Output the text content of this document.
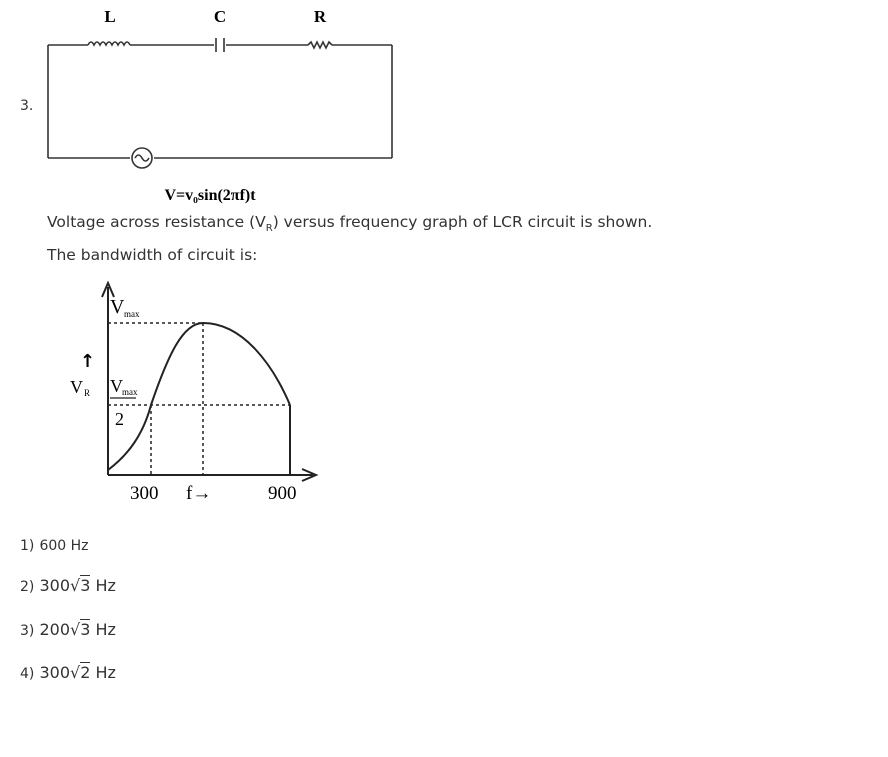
3.
L	C	R
V=v₀sin(2πf)t
Voltage across resistance $(V_R)$ versus frequency graph of LCR circuit is shown.
The bandwidth of circuit is:
V max
V max
2
↑
V R
300 f→	900
1) 600 Hz
2) 300√3 Hz
3) 200√3 Hz
4) 300√2 Hz
